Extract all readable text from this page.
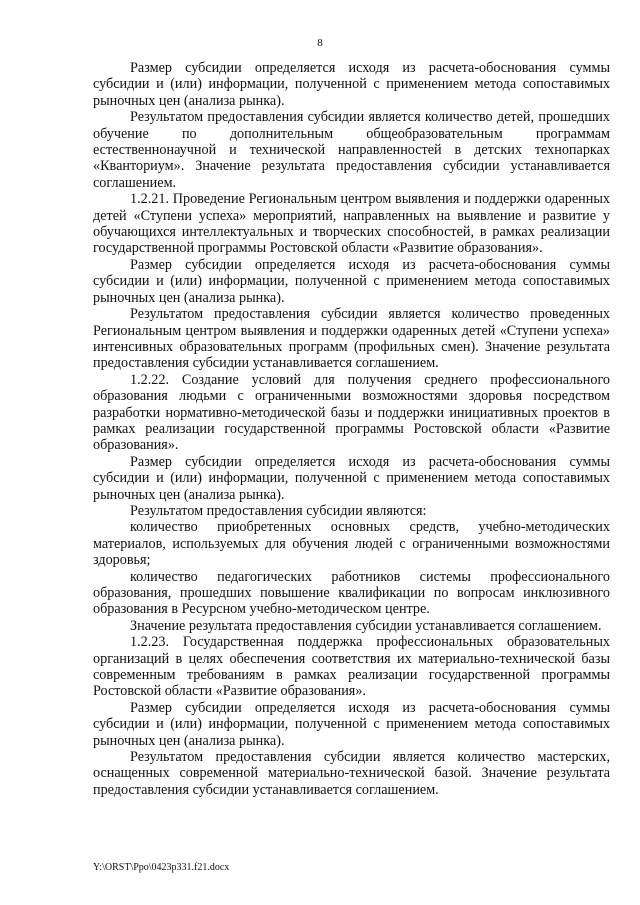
8

Размер субсидии определяется исходя из расчета-обоснования суммы субсидии и (или) информации, полученной с применением метода сопоставимых рыночных цен (анализа рынка).

Результатом предоставления субсидии является количество детей, прошедших обучение по дополнительным общеобразовательным программам естественнонаучной и технической направленностей в детских технопарках «Кванториум». Значение результата предоставления субсидии устанавливается соглашением.

1.2.21. Проведение Региональным центром выявления и поддержки одаренных детей «Ступени успеха» мероприятий, направленных на выявление и развитие у обучающихся интеллектуальных и творческих способностей, в рамках реализации государственной программы Ростовской области «Развитие образования».

Размер субсидии определяется исходя из расчета-обоснования суммы субсидии и (или) информации, полученной с применением метода сопоставимых рыночных цен (анализа рынка).

Результатом предоставления субсидии является количество проведенных Региональным центром выявления и поддержки одаренных детей «Ступени успеха» интенсивных образовательных программ (профильных смен). Значение результата предоставления субсидии устанавливается соглашением.

1.2.22. Создание условий для получения среднего профессионального образования людьми с ограниченными возможностями здоровья посредством разработки нормативно-методической базы и поддержки инициативных проектов в рамках реализации государственной программы Ростовской области «Развитие образования».

Размер субсидии определяется исходя из расчета-обоснования суммы субсидии и (или) информации, полученной с применением метода сопоставимых рыночных цен (анализа рынка).

Результатом предоставления субсидии являются:

количество приобретенных основных средств, учебно-методических материалов, используемых для обучения людей с ограниченными возможностями здоровья;

количество педагогических работников системы профессионального образования, прошедших повышение квалификации по вопросам инклюзивного образования в Ресурсном учебно-методическом центре.

Значение результата предоставления субсидии устанавливается соглашением.

1.2.23. Государственная поддержка профессиональных образовательных организаций в целях обеспечения соответствия их материально-технической базы современным требованиям в рамках реализации государственной программы Ростовской области «Развитие образования».

Размер субсидии определяется исходя из расчета-обоснования суммы субсидии и (или) информации, полученной с применением метода сопоставимых рыночных цен (анализа рынка).

Результатом предоставления субсидии является количество мастерских, оснащенных современной материально-технической базой. Значение результата предоставления субсидии устанавливается соглашением.

Y:\ORST\Ppo\0423p331.f21.docx
